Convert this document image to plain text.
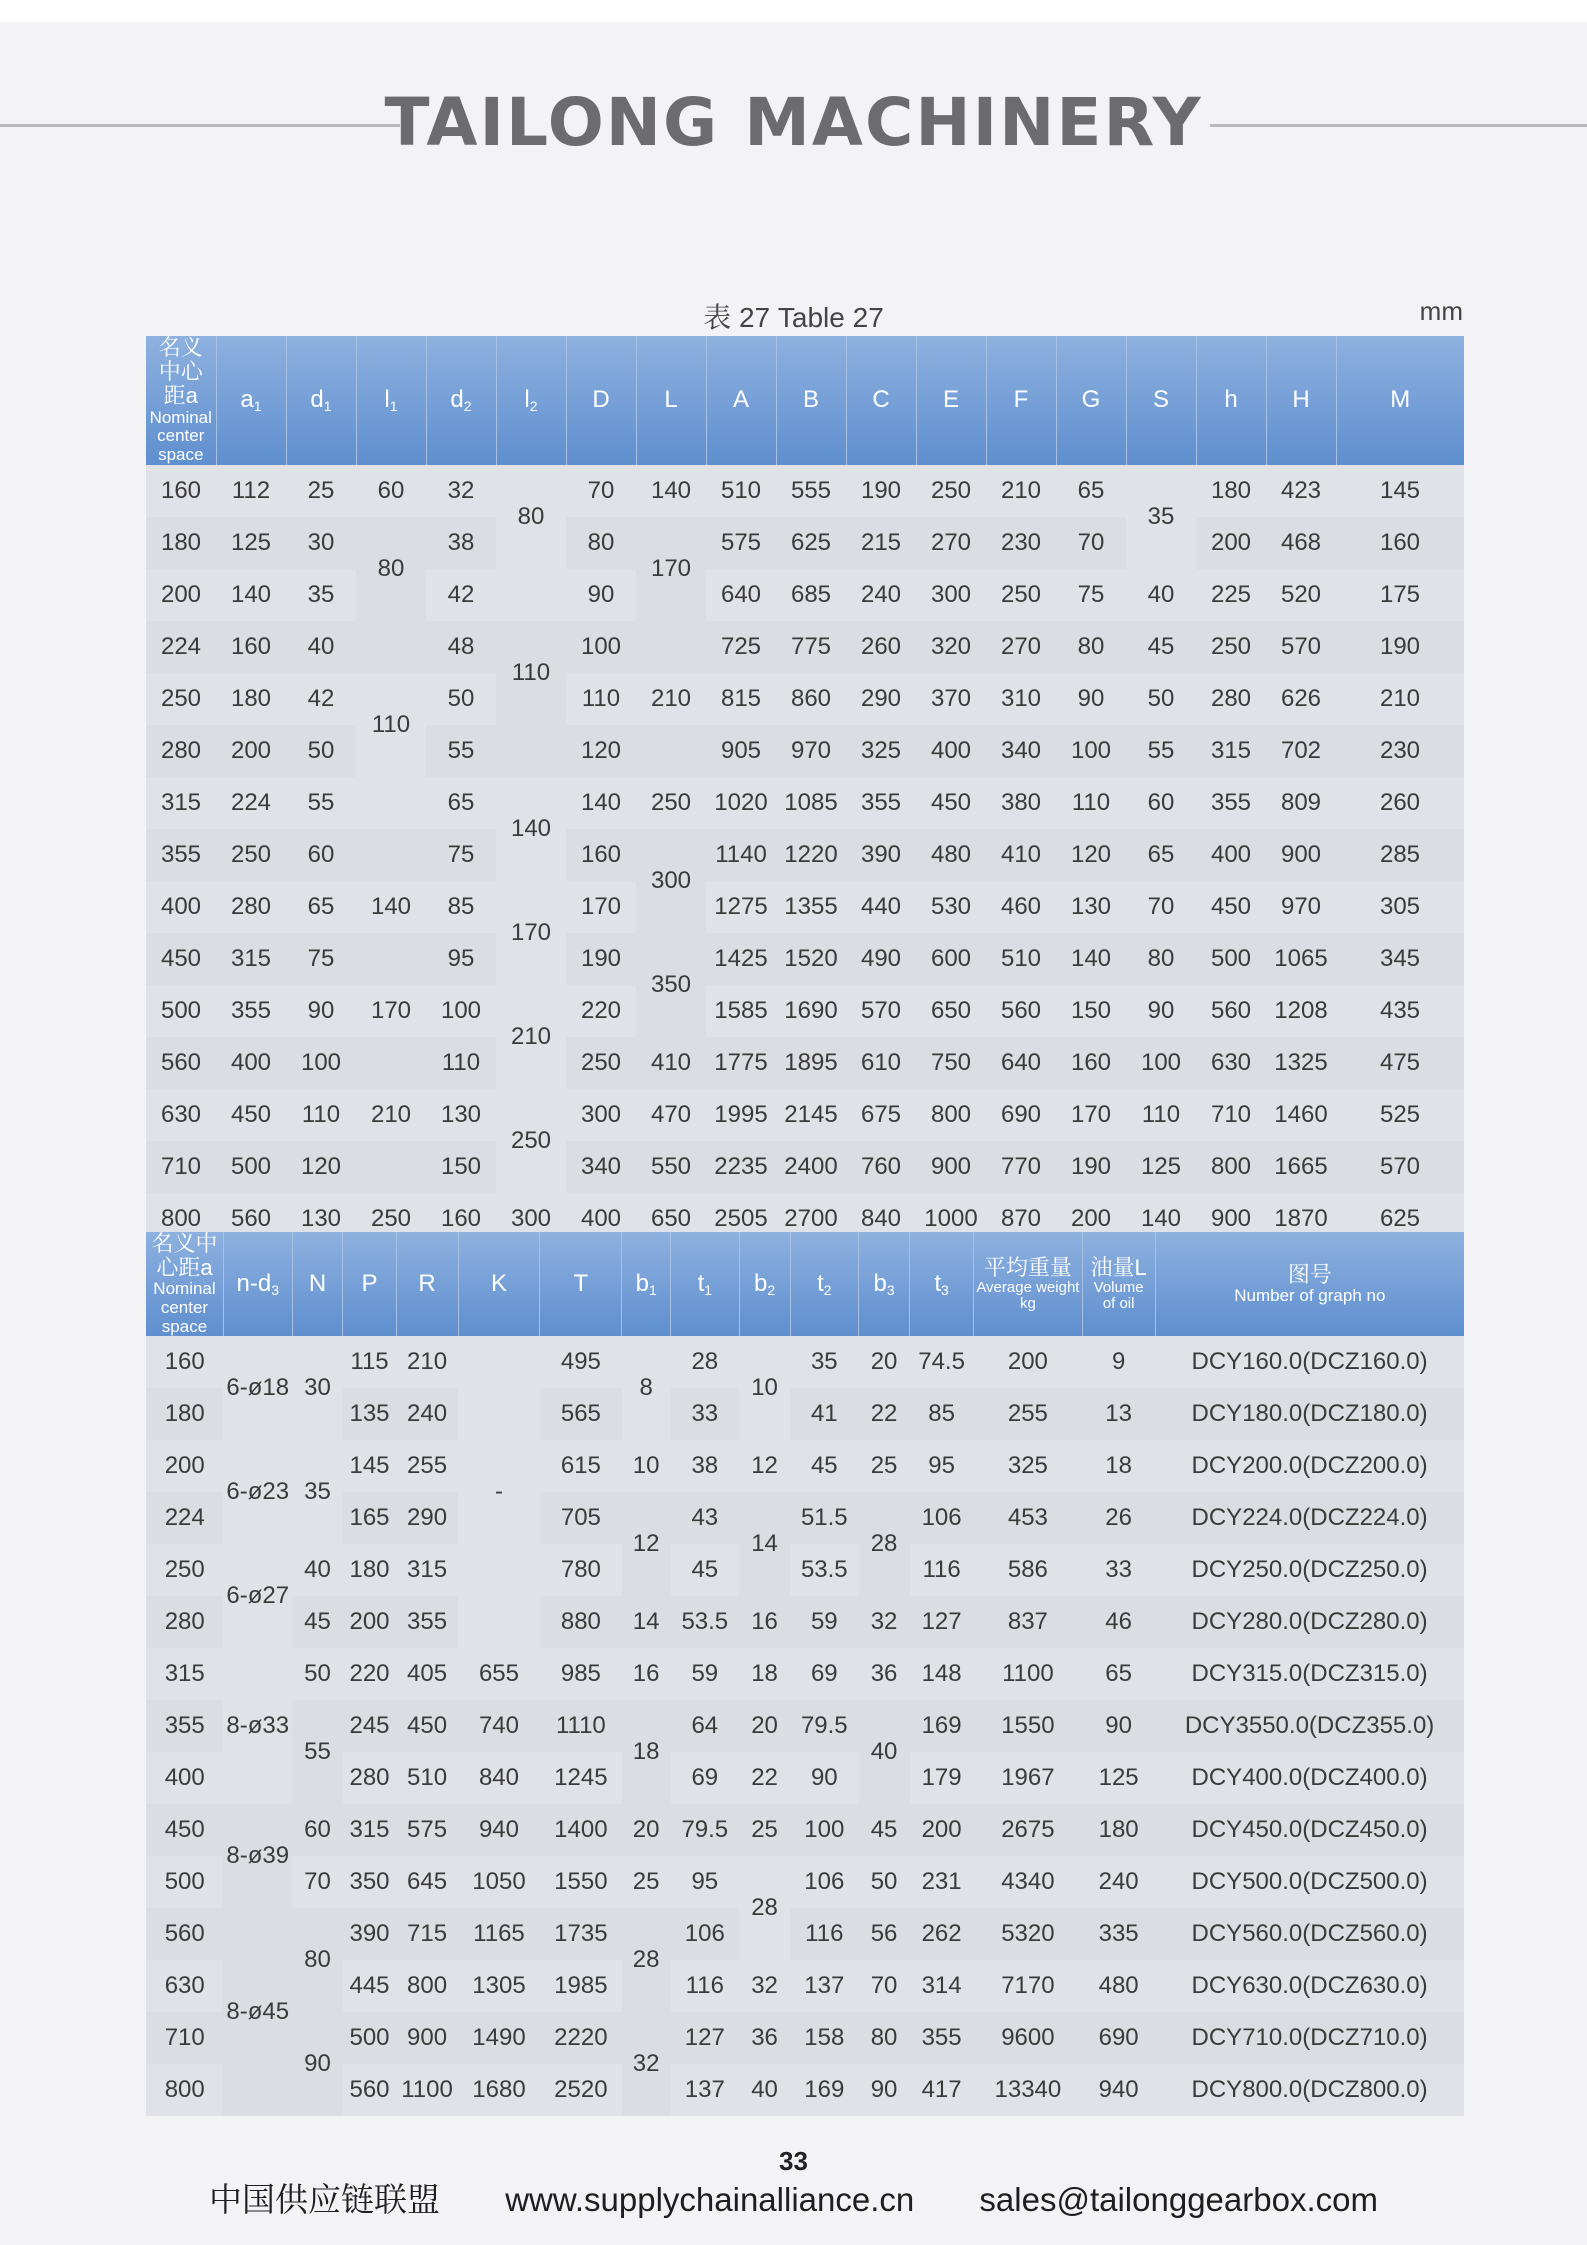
TAILONG MACHINERY
表 27 Table 27	mm
名义中心距a
Nominal
center space	$a_1$	$d_1$	$l_1$	$d_2$	$l_2$	D	L	A	B	C	E	F	G	S	h	H	M
160	112	25	60	32	80	70	140	510	555	190	250	210	65	35	180	423	145
180	125	30	80	38		80	170	575	625	215	270	230	70		200	468	160
200	140	35		42		90		640	685	240	300	250	75	40	225	520	175
224	160	40		48	110	100		725	775	260	320	270	80	45	250	570	190
250	180	42	110	50		110	210	815	860	290	370	310	90	50	280	626	210
280	200	50		55		120		905	970	325	400	340	100	55	315	702	230
315	224	55		65	140	140	250	1020	1085	355	450	380	110	60	355	809	260
355	250	60		75		160	300	1140	1220	390	480	410	120	65	400	900	285
400	280	65	140	85	170	170		1275	1355	440	530	460	130	70	450	970	305
450	315	75		95		190	350	1425	1520	490	600	510	140	80	500	1065	345
500	355	90	170	100	210	220		1585	1690	570	650	560	150	90	560	1208	435
560	400	100		110		250	410	1775	1895	610	750	640	160	100	630	1325	475
630	450	110	210	130	250	300	470	1995	2145	675	800	690	170	110	710	1460	525
710	500	120		150		340	550	2235	2400	760	900	770	190	125	800	1665	570
800	560	130	250	160	300	400	650	2505	2700	840	1000	870	200	140	900	1870	625
名义中心距a
Nominal
center space	$n-d_3$	N	P	R	K	T	$b_1$	$t_1$	$b_2$	$t_2$	$b_3$	$t_3$	平均重量
Average weight
kg	油量L
Volume
of oil	图号
Number of graph no

160	6-ø18	30	115	210	-	495	8	28	10	35	20	74.5	200	9	DCY160.0(DCZ160.0)
180			135	240		565		33		41	22	85	255	13	DCY180.0(DCZ180.0)
200	6-ø23	35	145	255		615	10	38	12	45	25	95	325	18	DCY200.0(DCZ200.0)
224			165	290		705	12	43	14	51.5	28	106	453	26	DCY224.0(DCZ224.0)
250	6-ø27	40	180	315		780		45		53.5		116	586	33	DCY250.0(DCZ250.0)
280		45	200	355		880	14	53.5	16	59	32	127	837	46	DCY280.0(DCZ280.0)
315	8-ø33	50	220	405	655	985	16	59	18	69	36	148	1100	65	DCY315.0(DCZ315.0)
355		55	245	450	740	1110	18	64	20	79.5	40	169	1550	90	DCY3550.0(DCZ355.0)
400			280	510	840	1245		69	22	90		179	1967	125	DCY400.0(DCZ400.0)
450	8-ø39	60	315	575	940	1400	20	79.5	25	100	45	200	2675	180	DCY450.0(DCZ450.0)
500		70	350	645	1050	1550	25	95	28	106	50	231	4340	240	DCY500.0(DCZ500.0)
560	8-ø45	80	390	715	1165	1735	28	106		116	56	262	5320	335	DCY560.0(DCZ560.0)
630			445	800	1305	1985		116	32	137	70	314	7170	480	DCY630.0(DCZ630.0)
710		90	500	900	1490	2220	32	127	36	158	80	355	9600	690	DCY710.0(DCZ710.0)
800			560	1100	1680	2520		137	40	169	90	417	13340	940	DCY800.0(DCZ800.0)
33
中国供应链联盟 www.supplychainalliance.cn sales@tailonggearbox.com
